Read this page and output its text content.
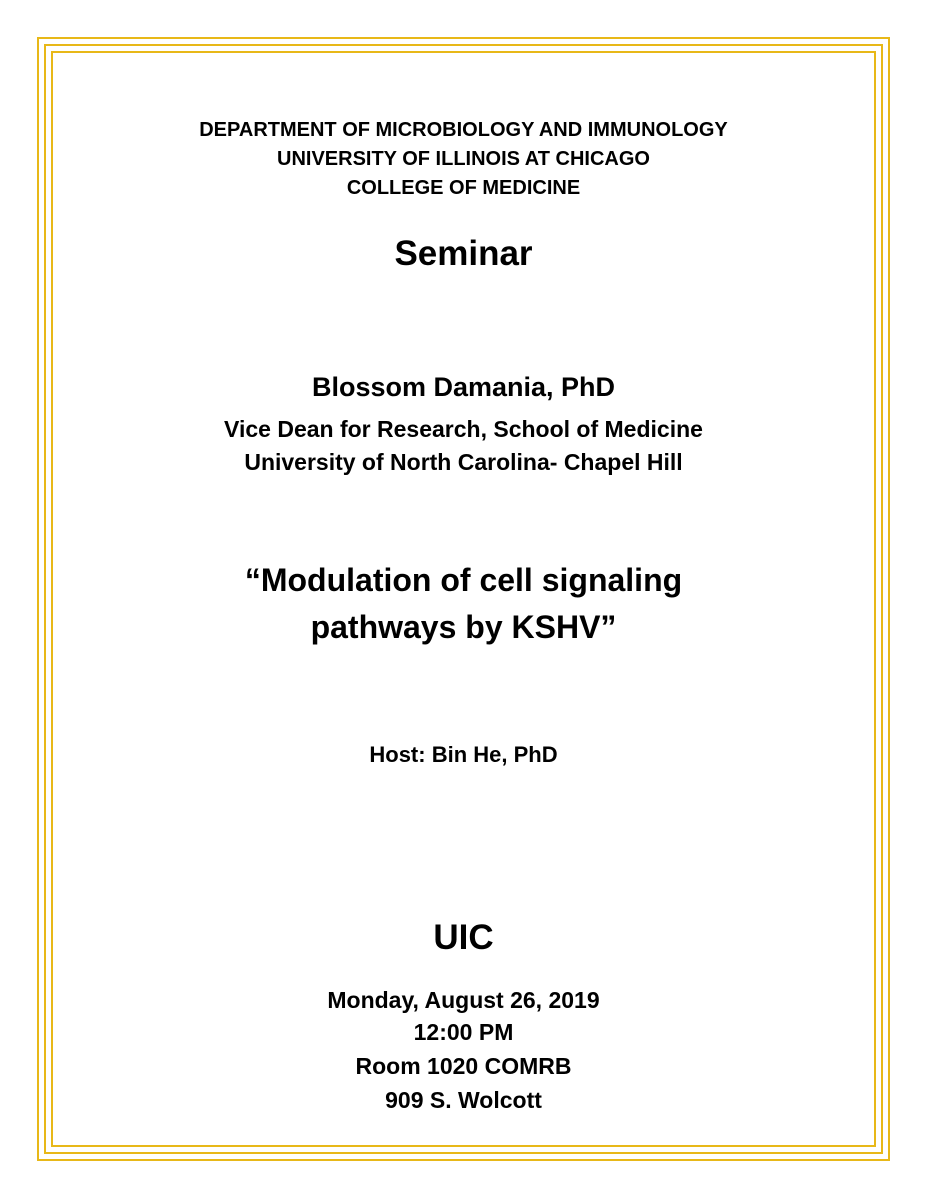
DEPARTMENT OF MICROBIOLOGY AND IMMUNOLOGY
UNIVERSITY OF ILLINOIS AT CHICAGO
COLLEGE OF MEDICINE
Seminar
Blossom Damania, PhD
Vice Dean for Research, School of Medicine
University of North Carolina- Chapel Hill
“Modulation of cell signaling
pathways by KSHV”
Host: Bin He, PhD
UIC
Monday, August 26, 2019
12:00 PM
Room 1020 COMRB
909 S. Wolcott
